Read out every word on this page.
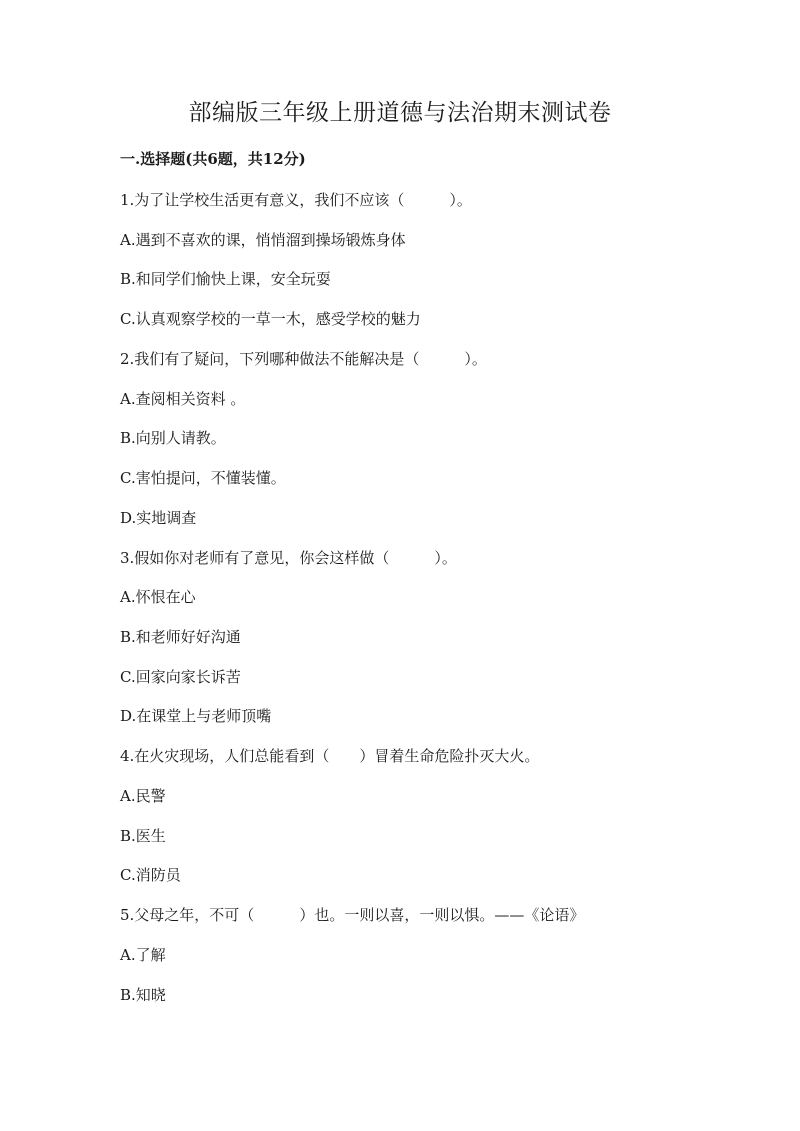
部编版三年级上册道德与法治期末测试卷
一.选择题(共6题，共12分)
1.为了让学校生活更有意义，我们不应该（　　　）。
A.遇到不喜欢的课，悄悄溜到操场锻炼身体
B.和同学们愉快上课，安全玩耍
C.认真观察学校的一草一木，感受学校的魅力
2.我们有了疑问，下列哪种做法不能解决是（　　　）。
A.查阅相关资料 。
B.向别人请教。
C.害怕提问，不懂装懂。
D.实地调查
3.假如你对老师有了意见，你会这样做（　　　）。
A.怀恨在心
B.和老师好好沟通
C.回家向家长诉苦
D.在课堂上与老师顶嘴
4.在火灾现场，人们总能看到（　　）冒着生命危险扑灭大火。
A.民警
B.医生
C.消防员
5.父母之年，不可（　　　）也。一则以喜，一则以惧。——《论语》
A.了解
B.知晓
